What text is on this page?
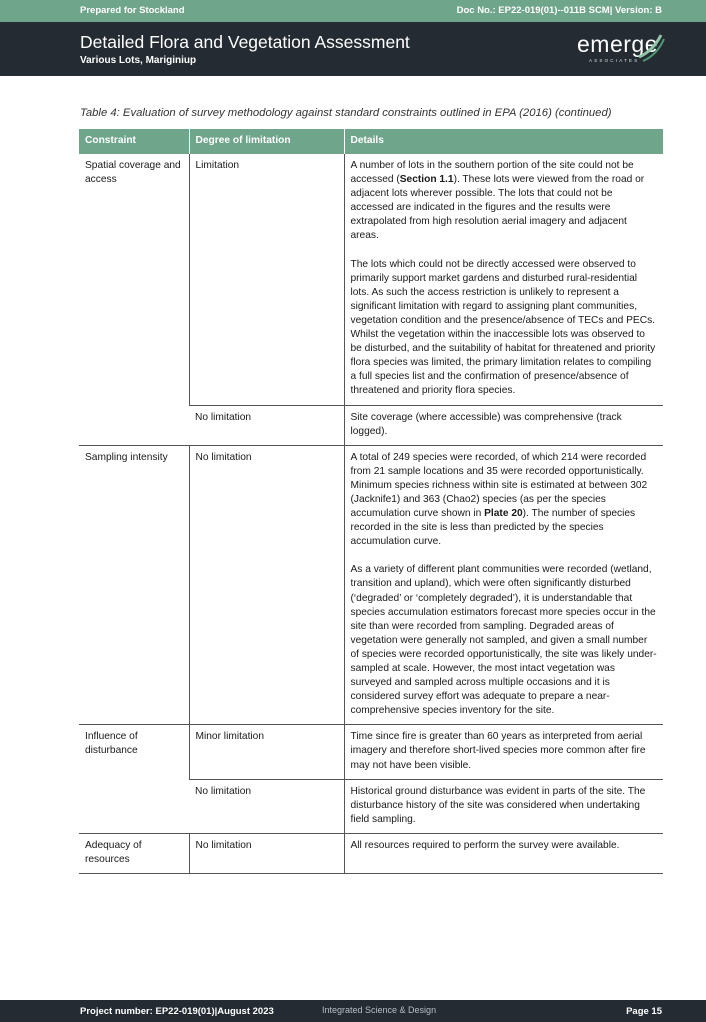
Prepared for Stockland	Doc No.: EP22-019(01)--011B SCM| Version: B
Detailed Flora and Vegetation Assessment
Various Lots, Mariginiup
emerge
ASSOCIATES
Table 4: Evaluation of survey methodology against standard constraints outlined in EPA (2016) (continued)
Constraint	Degree of limitation	Details
Spatial coverage and access	Limitation	A number of lots in the southern portion of the site could not be accessed (Section 1.1). These lots were viewed from the road or adjacent lots wherever possible. The lots that could not be accessed are indicated in the figures and the results were extrapolated from high resolution aerial imagery and adjacent areas.

The lots which could not be directly accessed were observed to primarily support market gardens and disturbed rural-residential lots. As such the access restriction is unlikely to represent a significant limitation with regard to assigning plant communities, vegetation condition and the presence/absence of TECs and PECs. Whilst the vegetation within the inaccessible lots was observed to be disturbed, and the suitability of habitat for threatened and priority flora species was limited, the primary limitation relates to compiling a full species list and the confirmation of presence/absence of threatened and priority flora species.

	No limitation	Site coverage (where accessible) was comprehensive (track logged).

Sampling intensity	No limitation	A total of 249 species were recorded, of which 214 were recorded from 21 sample locations and 35 were recorded opportunistically. Minimum species richness within site is estimated at between 302 (Jacknife1) and 363 (Chao2) species (as per the species accumulation curve shown in Plate 20). The number of species recorded in the site is less than predicted by the species accumulation curve.

As a variety of different plant communities were recorded (wetland, transition and upland), which were often significantly disturbed (‘degraded’ or ‘completely degraded’), it is understandable that species accumulation estimators forecast more species occur in the site than were recorded from sampling. Degraded areas of vegetation were generally not sampled, and given a small number of species were recorded opportunistically, the site was likely under-sampled at scale. However, the most intact vegetation was surveyed and sampled across multiple occasions and it is considered survey effort was adequate to prepare a near-comprehensive species inventory for the site.

Influence of disturbance	Minor limitation	Time since fire is greater than 60 years as interpreted from aerial imagery and therefore short-lived species more common after fire may not have been visible.

	No limitation	Historical ground disturbance was evident in parts of the site. The disturbance history of the site was considered when undertaking field sampling.

Adequacy of resources	No limitation	All resources required to perform the survey were available.

Project number: EP22-019(01)|August 2023	Integrated Science & Design	Page 15
